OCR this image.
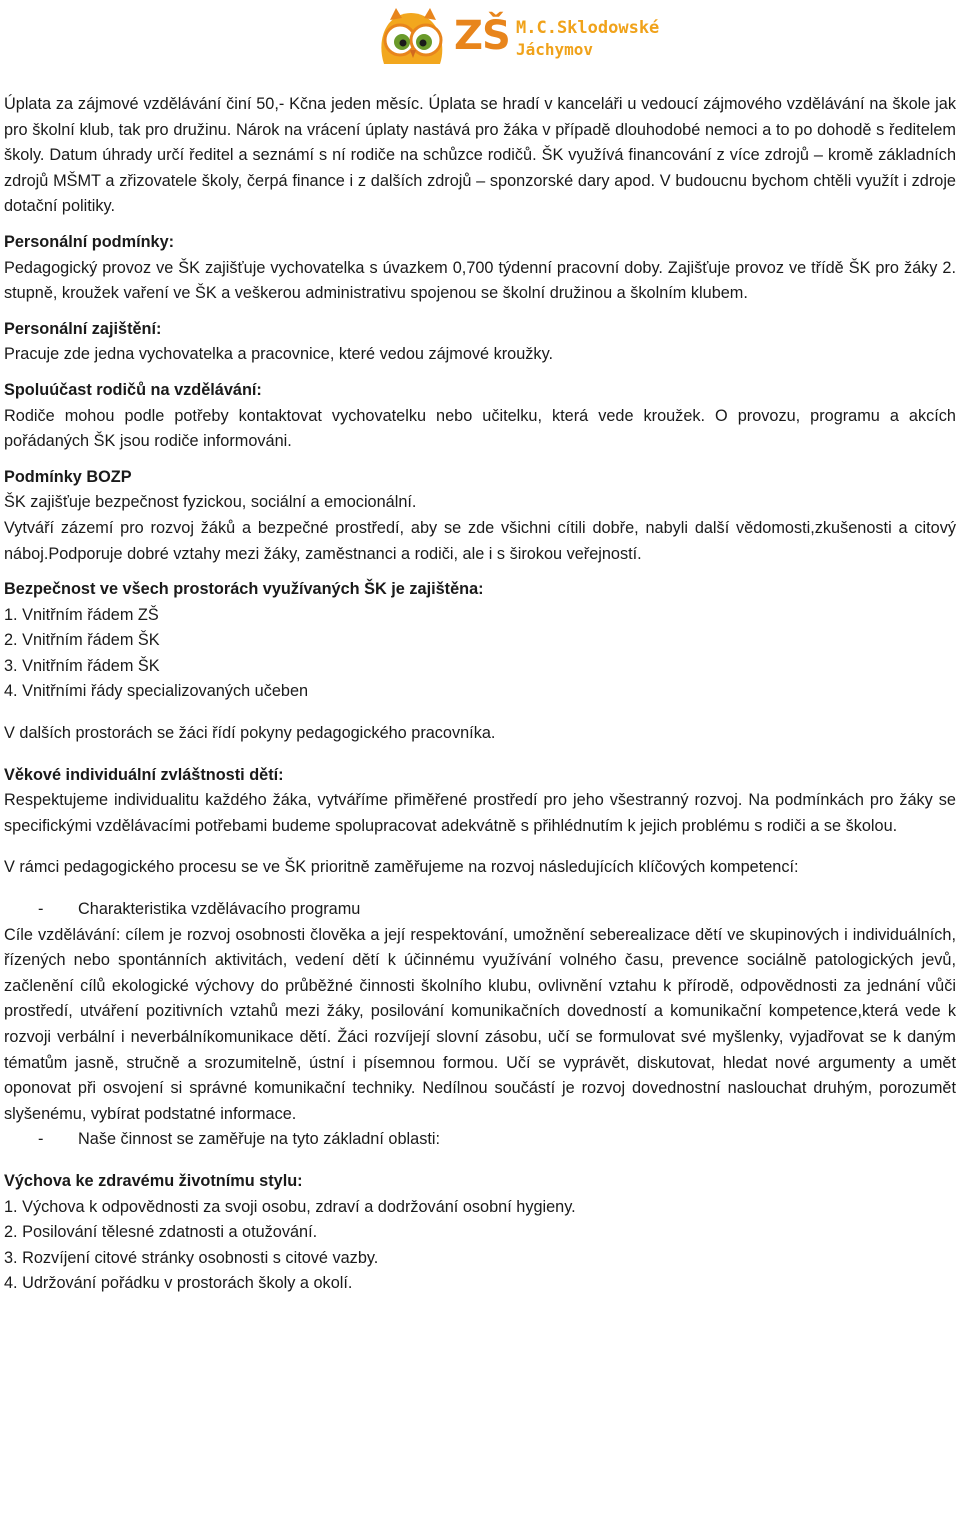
ZŠ M.C.Sklodowské
Jáchymov

Úplata za zájmové vzdělávání činí 50,- Kčna jeden měsíc. Úplata se hradí v kanceláři u vedoucí zájmového vzdělávání na škole jak pro školní klub, tak pro družinu. Nárok na vrácení úplaty nastává pro žáka v případě dlouhodobé nemoci a to po dohodě s ředitelem školy. Datum úhrady určí ředitel a seznámí s ní rodiče na schůzce rodičů. ŠK využívá financování z více zdrojů – kromě základních zdrojů MŠMT a zřizovatele školy, čerpá finance i z dalších zdrojů – sponzorské dary apod. V budoucnu bychom chtěli využít i zdroje dotační politiky.

Personální podmínky:

Pedagogický provoz ve ŠK zajišťuje vychovatelka s úvazkem 0,700 týdenní pracovní doby. Zajišťuje provoz ve třídě ŠK pro žáky 2. stupně, kroužek vaření ve ŠK a veškerou administrativu spojenou se školní družinou a školním klubem.

Personální zajištění:

Pracuje zde jedna vychovatelka a pracovnice, které vedou zájmové kroužky.

Spoluúčast rodičů na vzdělávání:

Rodiče mohou podle potřeby kontaktovat vychovatelku nebo učitelku, která vede kroužek. O provozu, programu a akcích pořádaných ŠK jsou rodiče informováni.

Podmínky BOZP

ŠK zajišťuje bezpečnost fyzickou, sociální a emocionální.

Vytváří zázemí pro rozvoj žáků a bezpečné prostředí, aby se zde všichni cítili dobře, nabyli další vědomosti,zkušenosti a citový náboj.Podporuje dobré vztahy mezi žáky, zaměstnanci a rodiči, ale i s širokou veřejností.

Bezpečnost ve všech prostorách využívaných ŠK je zajištěna:

1. Vnitřním řádem ZŠ

2. Vnitřním řádem ŠK

3. Vnitřním řádem ŠK

4. Vnitřními řády specializovaných učeben

V dalších prostorách se žáci řídí pokyny pedagogického pracovníka.

Věkové individuální zvláštnosti dětí:

Respektujeme individualitu každého žáka, vytváříme přiměřené prostředí pro jeho všestranný rozvoj. Na podmínkách pro žáky se specifickými vzdělávacími potřebami budeme spolupracovat adekvátně s přihlédnutím k jejich problému s rodiči a se školou.

V rámci pedagogického procesu se ve ŠK prioritně zaměřujeme na rozvoj následujících klíčových kompetencí:

- Charakteristika vzdělávacího programu

Cíle vzdělávání: cílem je rozvoj osobnosti člověka a její respektování, umožnění seberealizace dětí ve skupinových i individuálních, řízených nebo spontánních aktivitách, vedení dětí k účinnému využívání volného času, prevence sociálně patologických jevů, začlenění cílů ekologické výchovy do průběžné činnosti školního klubu, ovlivnění vztahu k přírodě, odpovědnosti za jednání vůči prostředí, utváření pozitivních vztahů mezi žáky, posilování komunikačních dovedností a komunikační kompetence,která vede k rozvoji verbální i neverbálníkomunikace dětí. Žáci rozvíjejí slovní zásobu, učí se formulovat své myšlenky, vyjadřovat se k daným tématům jasně, stručně a srozumitelně, ústní i písemnou formou. Učí se vyprávět, diskutovat, hledat nové argumenty a umět oponovat při osvojení si správné komunikační techniky. Nedílnou součástí je rozvoj dovednostní naslouchat druhým, porozumět slyšenému, vybírat podstatné informace.

- Naše činnost se zaměřuje na tyto základní oblasti:

Výchova ke zdravému životnímu stylu:

1. Výchova k odpovědnosti za svoji osobu, zdraví a dodržování osobní hygieny.

2. Posilování tělesné zdatnosti a otužování.

3. Rozvíjení citové stránky osobnosti s citové vazby.

4. Udržování pořádku v prostorách školy a okolí.
